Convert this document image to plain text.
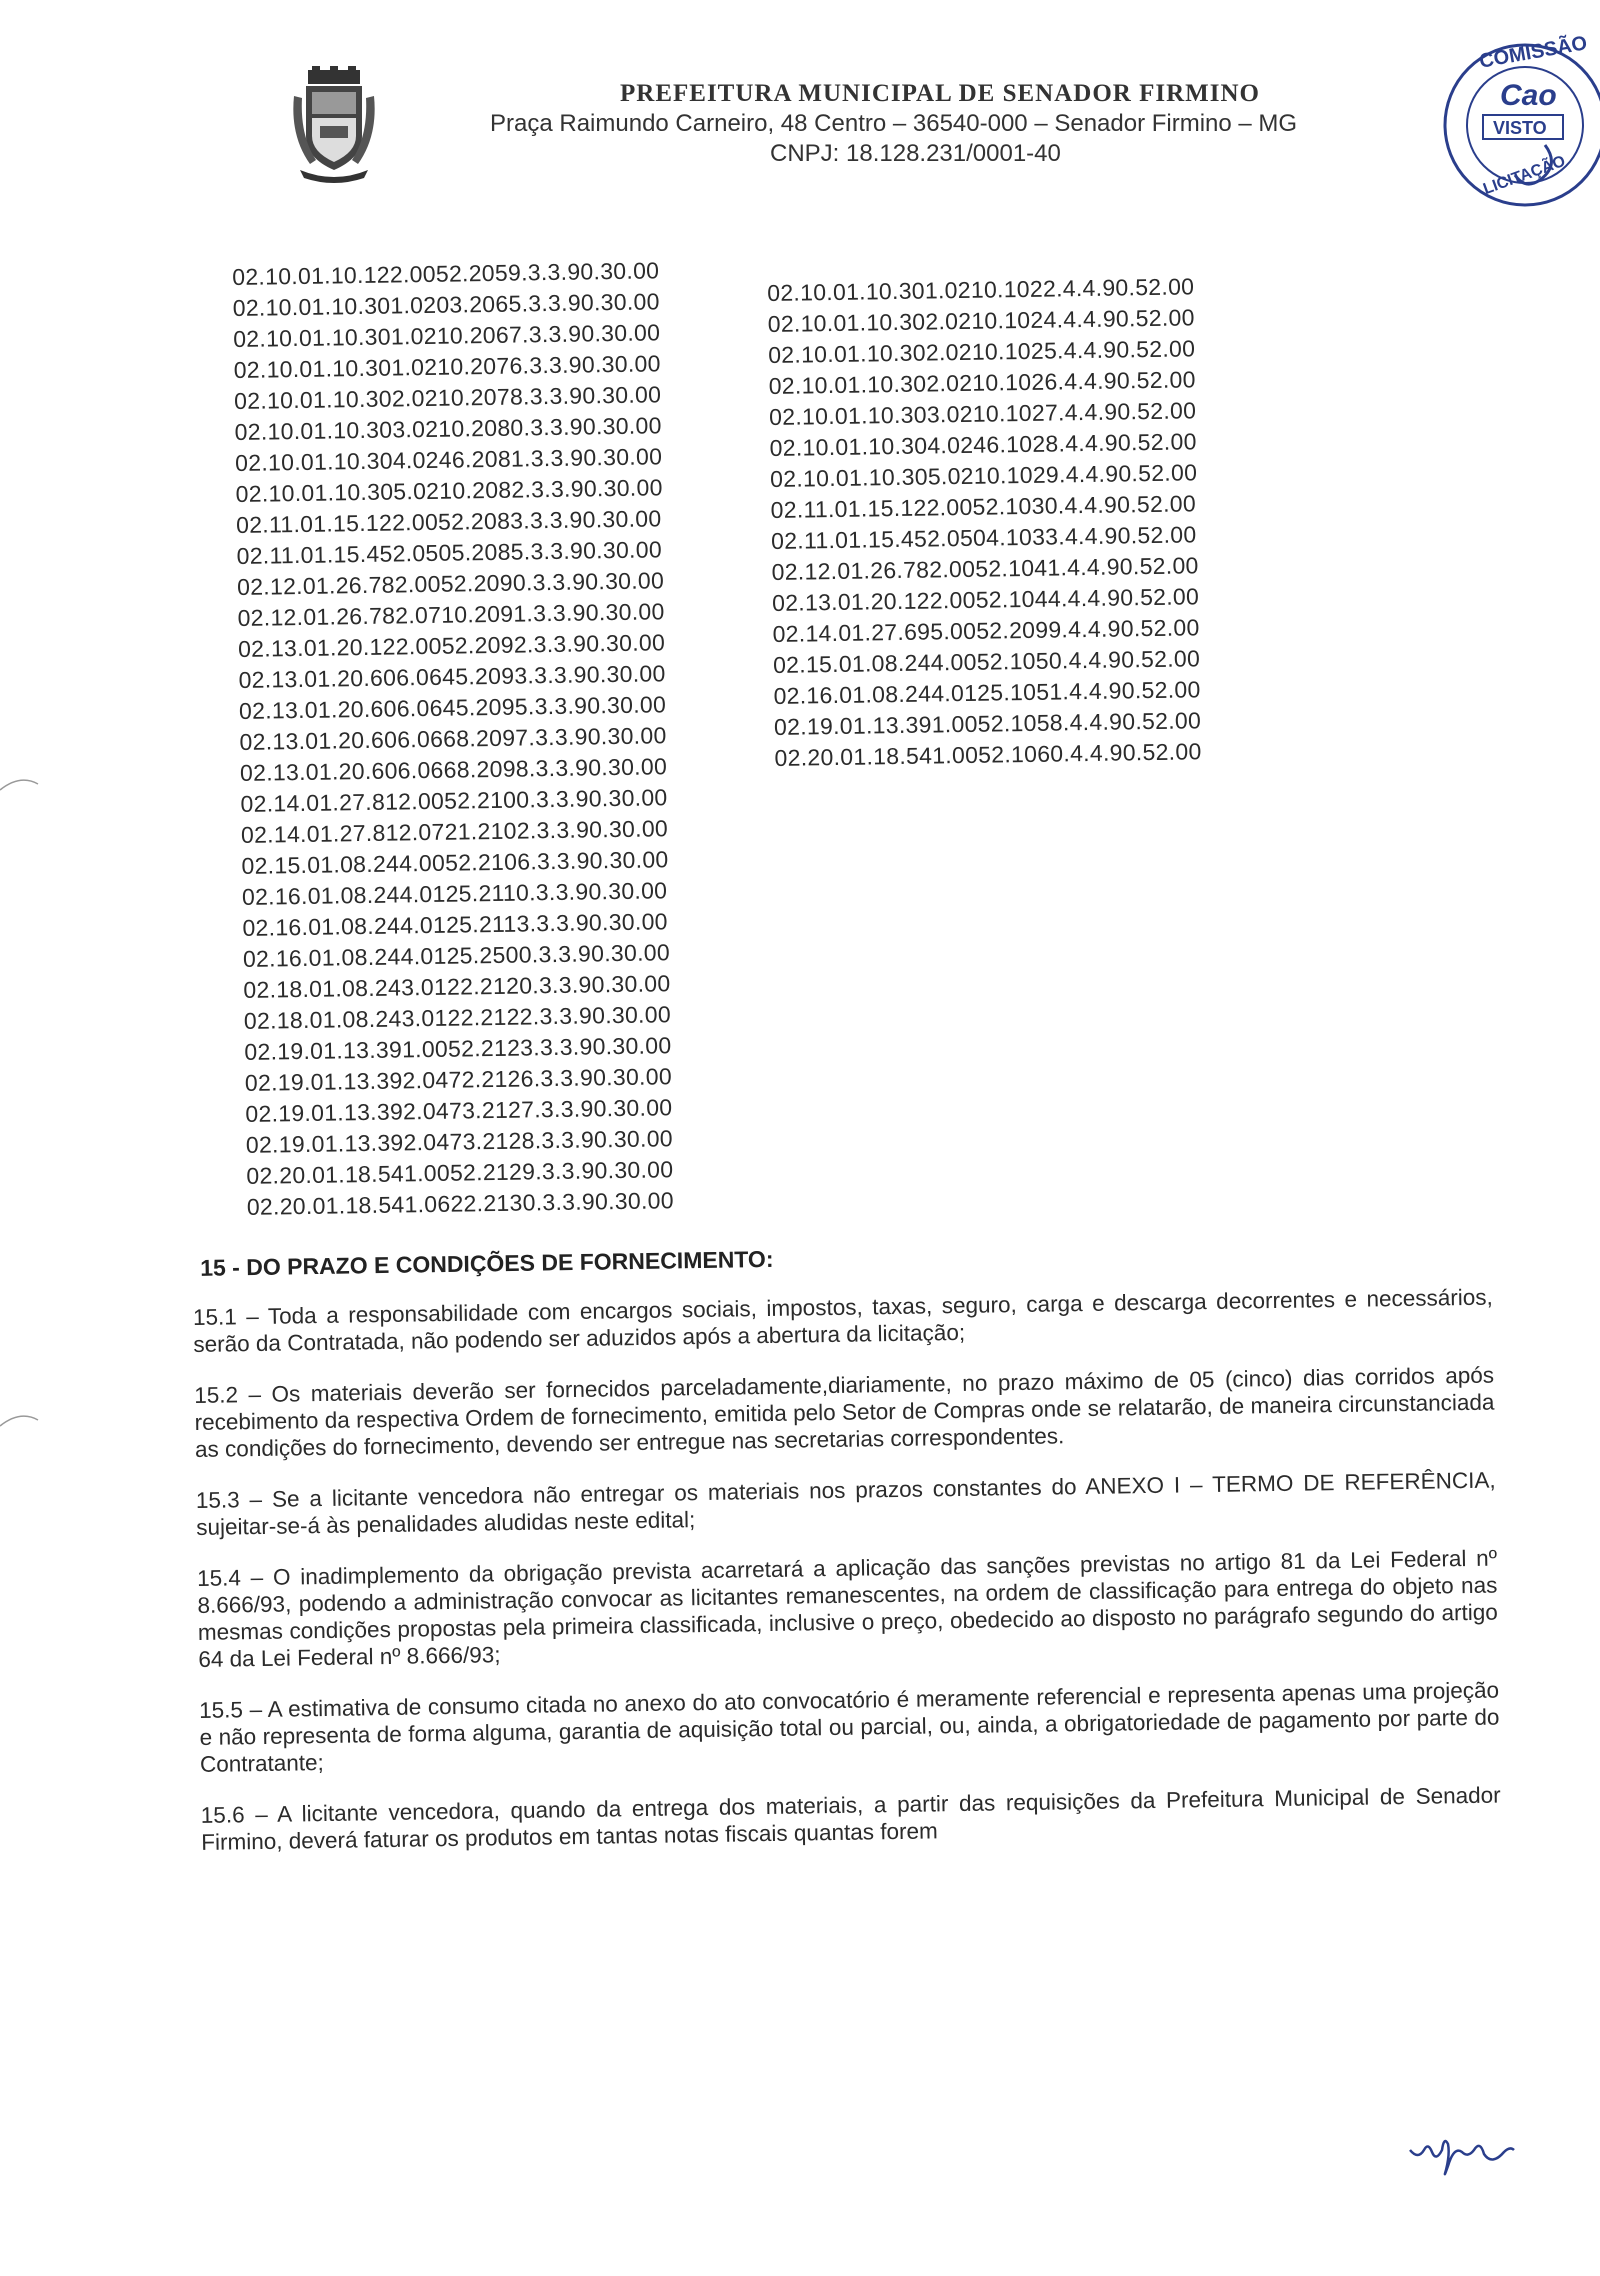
PREFEITURA MUNICIPAL DE SENADOR FIRMINO

Praça Raimundo Carneiro, 48 Centro – 36540-000 – Senador Firmino – MG

CNPJ: 18.128.231/0001-40

COMISSÃO
VISTO
Cao
LICITAÇÃO
02.10.01.10.122.0052.2059.3.3.90.30.00
02.10.01.10.301.0203.2065.3.3.90.30.00
02.10.01.10.301.0210.2067.3.3.90.30.00
02.10.01.10.301.0210.2076.3.3.90.30.00
02.10.01.10.302.0210.2078.3.3.90.30.00
02.10.01.10.303.0210.2080.3.3.90.30.00
02.10.01.10.304.0246.2081.3.3.90.30.00
02.10.01.10.305.0210.2082.3.3.90.30.00
02.11.01.15.122.0052.2083.3.3.90.30.00
02.11.01.15.452.0505.2085.3.3.90.30.00
02.12.01.26.782.0052.2090.3.3.90.30.00
02.12.01.26.782.0710.2091.3.3.90.30.00
02.13.01.20.122.0052.2092.3.3.90.30.00
02.13.01.20.606.0645.2093.3.3.90.30.00
02.13.01.20.606.0645.2095.3.3.90.30.00
02.13.01.20.606.0668.2097.3.3.90.30.00
02.13.01.20.606.0668.2098.3.3.90.30.00
02.14.01.27.812.0052.2100.3.3.90.30.00
02.14.01.27.812.0721.2102.3.3.90.30.00
02.15.01.08.244.0052.2106.3.3.90.30.00
02.16.01.08.244.0125.2110.3.3.90.30.00
02.16.01.08.244.0125.2113.3.3.90.30.00
02.16.01.08.244.0125.2500.3.3.90.30.00
02.18.01.08.243.0122.2120.3.3.90.30.00
02.18.01.08.243.0122.2122.3.3.90.30.00
02.19.01.13.391.0052.2123.3.3.90.30.00
02.19.01.13.392.0472.2126.3.3.90.30.00
02.19.01.13.392.0473.2127.3.3.90.30.00
02.19.01.13.392.0473.2128.3.3.90.30.00
02.20.01.18.541.0052.2129.3.3.90.30.00
02.20.01.18.541.0622.2130.3.3.90.30.00
02.10.01.10.301.0210.1022.4.4.90.52.00
02.10.01.10.302.0210.1024.4.4.90.52.00
02.10.01.10.302.0210.1025.4.4.90.52.00
02.10.01.10.302.0210.1026.4.4.90.52.00
02.10.01.10.303.0210.1027.4.4.90.52.00
02.10.01.10.304.0246.1028.4.4.90.52.00
02.10.01.10.305.0210.1029.4.4.90.52.00
02.11.01.15.122.0052.1030.4.4.90.52.00
02.11.01.15.452.0504.1033.4.4.90.52.00
02.12.01.26.782.0052.1041.4.4.90.52.00
02.13.01.20.122.0052.1044.4.4.90.52.00
02.14.01.27.695.0052.2099.4.4.90.52.00
02.15.01.08.244.0052.1050.4.4.90.52.00
02.16.01.08.244.0125.1051.4.4.90.52.00
02.19.01.13.391.0052.1058.4.4.90.52.00
02.20.01.18.541.0052.1060.4.4.90.52.00

15 - DO PRAZO E CONDIÇÕES DE FORNECIMENTO:

15.1 – Toda a responsabilidade com encargos sociais, impostos, taxas, seguro, carga e descarga decorrentes e necessários, serão da Contratada, não podendo ser aduzidos após a abertura da licitação;

15.2 – Os materiais deverão ser fornecidos parceladamente,diariamente, no prazo máximo de 05 (cinco) dias corridos após recebimento da respectiva Ordem de fornecimento, emitida pelo Setor de Compras onde se relatarão, de maneira circunstanciada as condições do fornecimento, devendo ser entregue nas secretarias correspondentes.

15.3 – Se a licitante vencedora não entregar os materiais nos prazos constantes do ANEXO I – TERMO DE REFERÊNCIA, sujeitar-se-á às penalidades aludidas neste edital;

15.4 – O inadimplemento da obrigação prevista acarretará a aplicação das sanções previstas no artigo 81 da Lei Federal nº 8.666/93, podendo a administração convocar as licitantes remanescentes, na ordem de classificação para entrega do objeto nas mesmas condições propostas pela primeira classificada, inclusive o preço, obedecido ao disposto no parágrafo segundo do artigo 64 da Lei Federal nº 8.666/93;

15.5 – A estimativa de consumo citada no anexo do ato convocatório é meramente referencial e representa apenas uma projeção e não representa de forma alguma, garantia de aquisição total ou parcial, ou, ainda, a obrigatoriedade de pagamento por parte do Contratante;

15.6 – A licitante vencedora, quando da entrega dos materiais, a partir das requisições da Prefeitura Municipal de Senador Firmino, deverá faturar os produtos em tantas notas fiscais quantas forem
